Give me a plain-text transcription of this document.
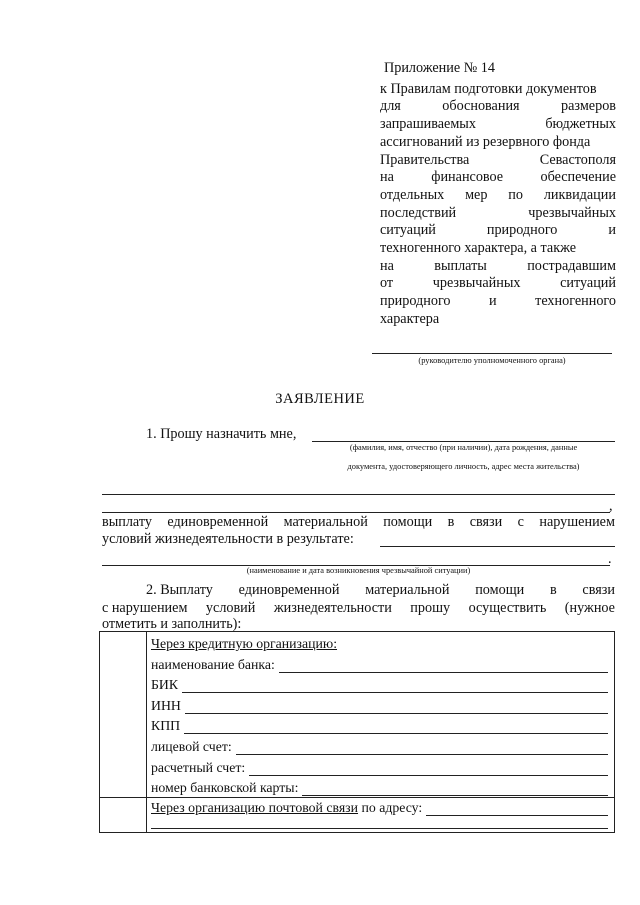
Приложение № 14
к Правилам подготовки документов
для	обоснования	размеров
запрашиваемых	бюджетных
ассигнований из резервного фонда
Правительства	Севастополя
на	финансовое	обеспечение
отдельных мер по ликвидации
последствий	чрезвычайных
ситуаций	природного	и
техногенного характера, а также
на	выплаты	пострадавшим
от	чрезвычайных	ситуаций
природного	и	техногенного
характера
(руководителю уполномоченного органа)
ЗАЯВЛЕНИЕ
1. Прошу назначить мне,
(фамилия, имя, отчество (при наличии), дата рождения, данные
документа, удостоверяющего личность, адрес места жительства)
,
выплату единовременной материальной помощи в связи с нарушением
условий жизнедеятельности в результате:
.
(наименование и дата возникновения чрезвычайной ситуации)
2. Выплату единовременной материальной помощи в связи
с нарушением условий жизнедеятельности прошу осуществить (нужное
отметить и заполнить):
Через кредитную организацию:
наименование банка:
БИК
ИНН
КПП
лицевой счет:
расчетный счет:
номер банковской карты:
Через организацию почтовой связи по адресу:
